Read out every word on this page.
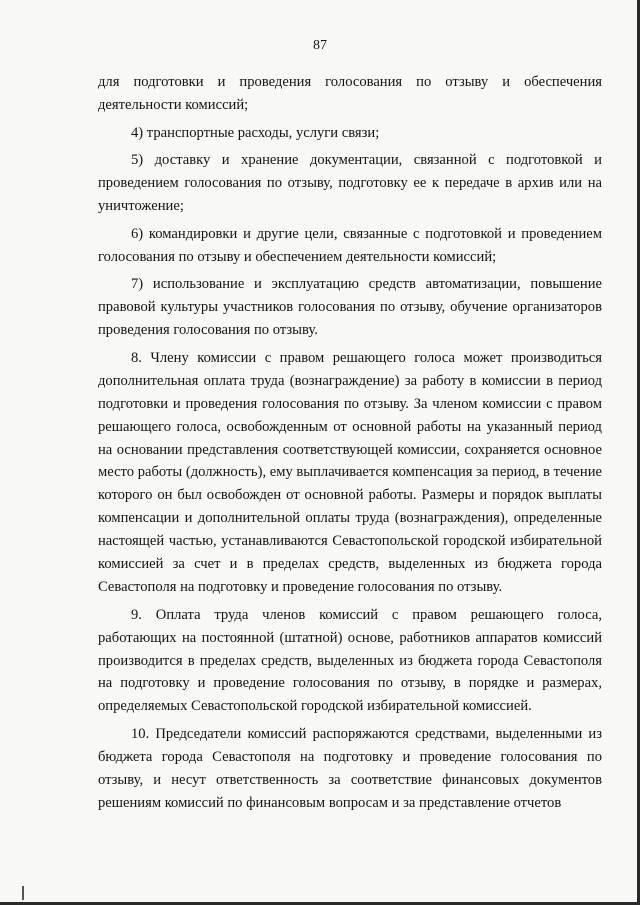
87

для подготовки и проведения голосования по отзыву и обеспечения деятельности комиссий;

4) транспортные расходы, услуги связи;

5) доставку и хранение документации, связанной с подготовкой и проведением голосования по отзыву, подготовку ее к передаче в архив или на уничтожение;

6) командировки и другие цели, связанные с подготовкой и проведением голосования по отзыву и обеспечением деятельности комиссий;

7) использование и эксплуатацию средств автоматизации, повышение правовой культуры участников голосования по отзыву, обучение организаторов проведения голосования по отзыву.

8. Члену комиссии с правом решающего голоса может производиться дополнительная оплата труда (вознаграждение) за работу в комиссии в период подготовки и проведения голосования по отзыву. За членом комиссии с правом решающего голоса, освобожденным от основной работы на указанный период на основании представления соответствующей комиссии, сохраняется основное место работы (должность), ему выплачивается компенсация за период, в течение которого он был освобожден от основной работы. Размеры и порядок выплаты компенсации и дополнительной оплаты труда (вознаграждения), определенные настоящей частью, устанавливаются Севастопольской городской избирательной комиссией за счет и в пределах средств, выделенных из бюджета города Севастополя на подготовку и проведение голосования по отзыву.

9. Оплата труда членов комиссий с правом решающего голоса, работающих на постоянной (штатной) основе, работников аппаратов комиссий производится в пределах средств, выделенных из бюджета города Севастополя на подготовку и проведение голосования по отзыву, в порядке и размерах, определяемых Севастопольской городской избирательной комиссией.

10. Председатели комиссий распоряжаются средствами, выделенными из бюджета города Севастополя на подготовку и проведение голосования по отзыву, и несут ответственность за соответствие финансовых документов решениям комиссий по финансовым вопросам и за представление отчетов
